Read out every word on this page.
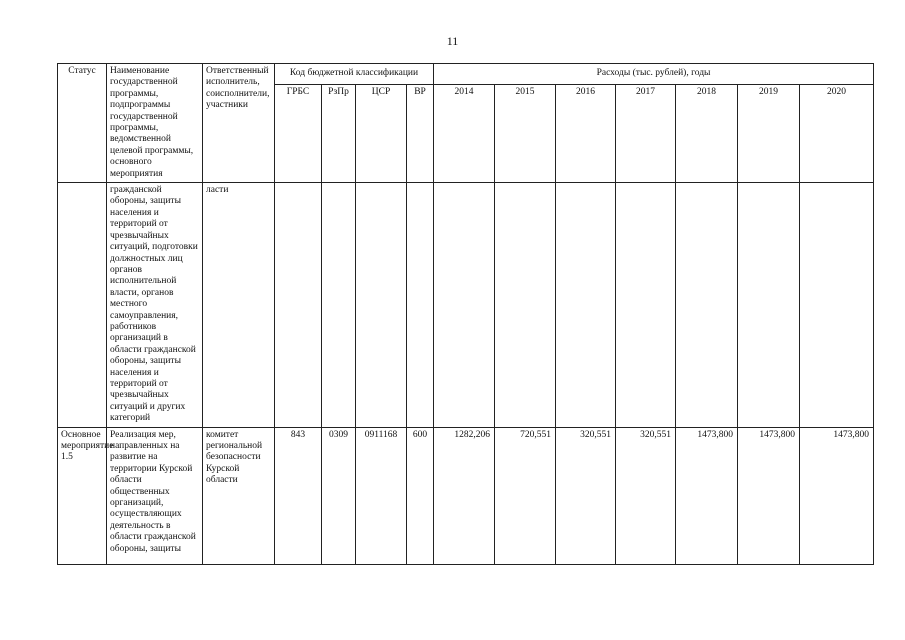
11
Статус	Наименование государственной программы, подпрограммы государственной программы, ведомственной целевой программы, основного мероприятия	Ответственный исполнитель, соисполнители, участники	Код бюджетной классификации				Расходы (тыс. рублей), годы						
			ГРБС	РзПр	ЦСР	ВР	2014	2015	2016	2017	2018	2019	2020
	гражданской обороны, защиты населения и территорий от чрезвычайных ситуаций, подготовки должностных лиц органов исполнительной власти, органов местного самоуправления, работников организаций в области гражданской обороны, защиты населения и территорий от чрезвычайных ситуаций и других категорий	ласти											
Основное мероприятие 1.5	Реализация мер, направленных на развитие на территории Курской области общественных организаций, осуществляющих деятельность в области гражданской обороны, защиты	комитет региональной безопасности Курской области	843	0309	0911168	600	1282,206	720,551	320,551	320,551	1473,800	1473,800	1473,800
